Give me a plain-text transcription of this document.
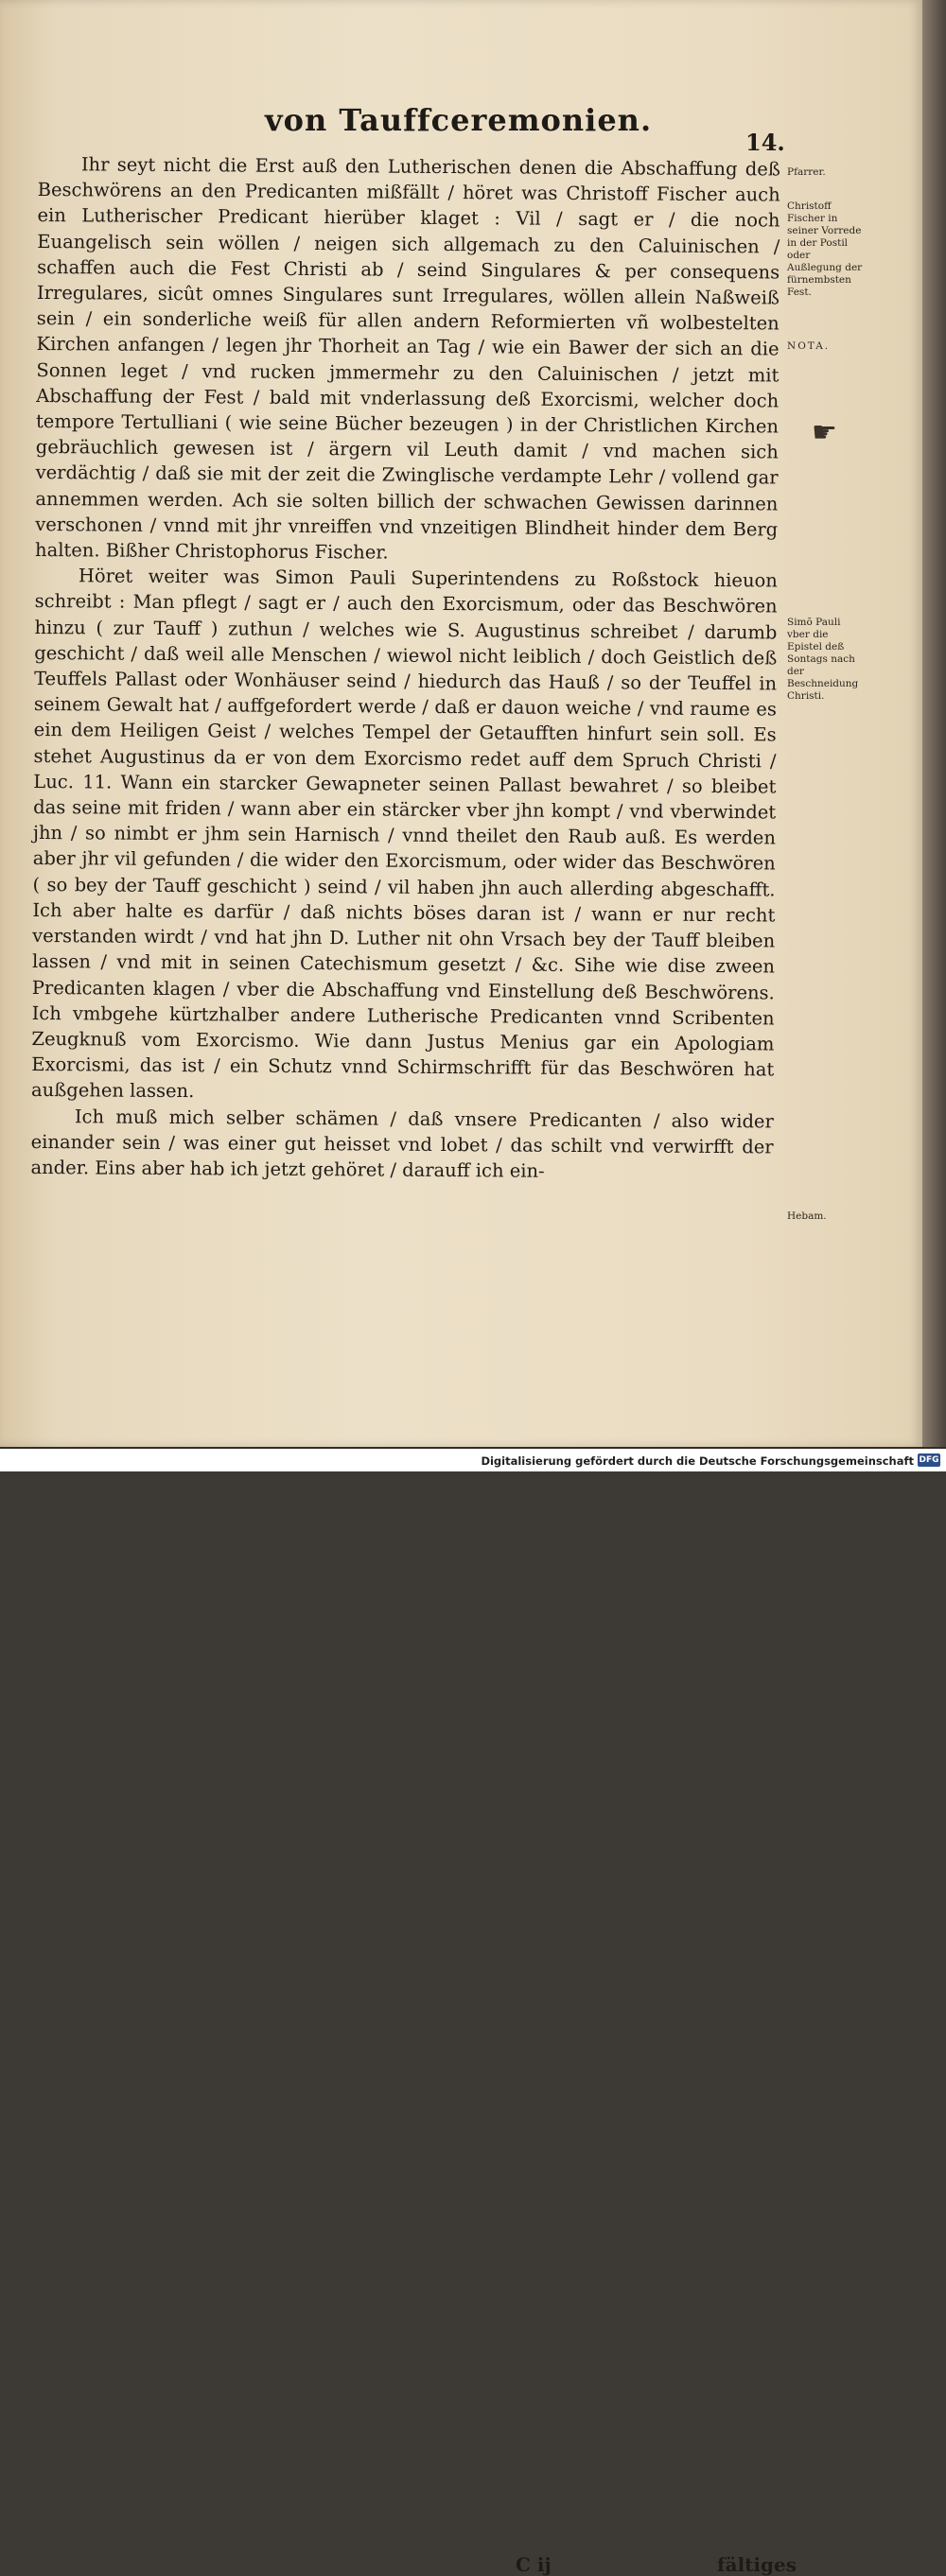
von Tauffceremonien.
14.

Ihr seyt nicht die Erst auß den Lutherischen denen die Abschaffung deß Beschwörens an den Predicanten mißfällt / höret was Christoff Fischer auch ein Lutherischer Predicant hierüber klaget : Vil / sagt er / die noch Euangelisch sein wöllen / neigen sich allgemach zu den Caluinischen / schaffen auch die Fest Christi ab / seind Singulares & per consequens Irregulares, sicût omnes Singulares sunt Irregulares, wöllen allein Naßweiß sein / ein sonderliche weiß für allen andern Reformierten vñ wolbestelten Kirchen anfangen / legen jhr Thorheit an Tag / wie ein Bawer der sich an die Sonnen leget / vnd rucken jmmermehr zu den Caluinischen / jetzt mit Abschaffung der Fest / bald mit vnderlassung deß Exorcismi, welcher doch tempore Tertulliani ( wie seine Bücher bezeugen ) in der Christlichen Kirchen gebräuchlich gewesen ist / ärgern vil Leuth damit / vnd machen sich verdächtig / daß sie mit der zeit die Zwinglische verdampte Lehr / vollend gar annemmen werden. Ach sie solten billich der schwachen Gewissen darinnen verschonen / vnnd mit jhr vnreiffen vnd vnzeitigen Blindheit hinder dem Berg halten. Bißher Christophorus Fischer.

Höret weiter was Simon Pauli Superintendens zu Roßstock hieuon schreibt : Man pflegt / sagt er / auch den Exorcismum, oder das Beschwören hinzu ( zur Tauff ) zuthun / welches wie S. Augustinus schreibet / darumb geschicht / daß weil alle Menschen / wiewol nicht leiblich / doch Geistlich deß Teuffels Pallast oder Wonhäuser seind / hiedurch das Hauß / so der Teuffel in seinem Gewalt hat / auffgefordert werde / daß er dauon weiche / vnd raume es ein dem Heiligen Geist / welches Tempel der Getaufften hinfurt sein soll. Es stehet Augustinus da er von dem Exorcismo redet auff dem Spruch Christi / Luc. 11. Wann ein starcker Gewapneter seinen Pallast bewahret / so bleibet das seine mit friden / wann aber ein stärcker vber jhn kompt / vnd vberwindet jhn / so nimbt er jhm sein Harnisch / vnnd theilet den Raub auß. Es werden aber jhr vil gefunden / die wider den Exorcismum, oder wider das Beschwören ( so bey der Tauff geschicht ) seind / vil haben jhn auch allerding abgeschafft. Ich aber halte es darfür / daß nichts böses daran ist / wann er nur recht verstanden wirdt / vnd hat jhn D. Luther nit ohn Vrsach bey der Tauff bleiben lassen / vnd mit in seinen Catechismum gesetzt / &c. Sihe wie dise zween Predicanten klagen / vber die Abschaffung vnd Einstellung deß Beschwörens. Ich vmbgehe kürtzhalber andere Lutherische Predicanten vnnd Scribenten Zeugknuß vom Exorcismo. Wie dann Justus Menius gar ein Apologiam Exorcismi, das ist / ein Schutz vnnd Schirmschrifft für das Beschwören hat außgehen lassen.

Ich muß mich selber schämen / daß vnsere Predicanten / also wider einander sein / was einer gut heisset vnd lobet / das schilt vnd verwirfft der ander. Eins aber hab ich jetzt gehöret / darauff ich ein-

Pfarrer.
Christoff Fischer in seiner Vorrede in der Postil oder Außlegung der fürnembsten Fest.
NOTA.
☛
Simõ Pauli vber die Epistel deß Sontags nach der Beschneidung Christi.
Hebam.
C ij	fältiges
Digitalisierung gefördert durch die Deutsche Forschungsgemeinschaft DFG
